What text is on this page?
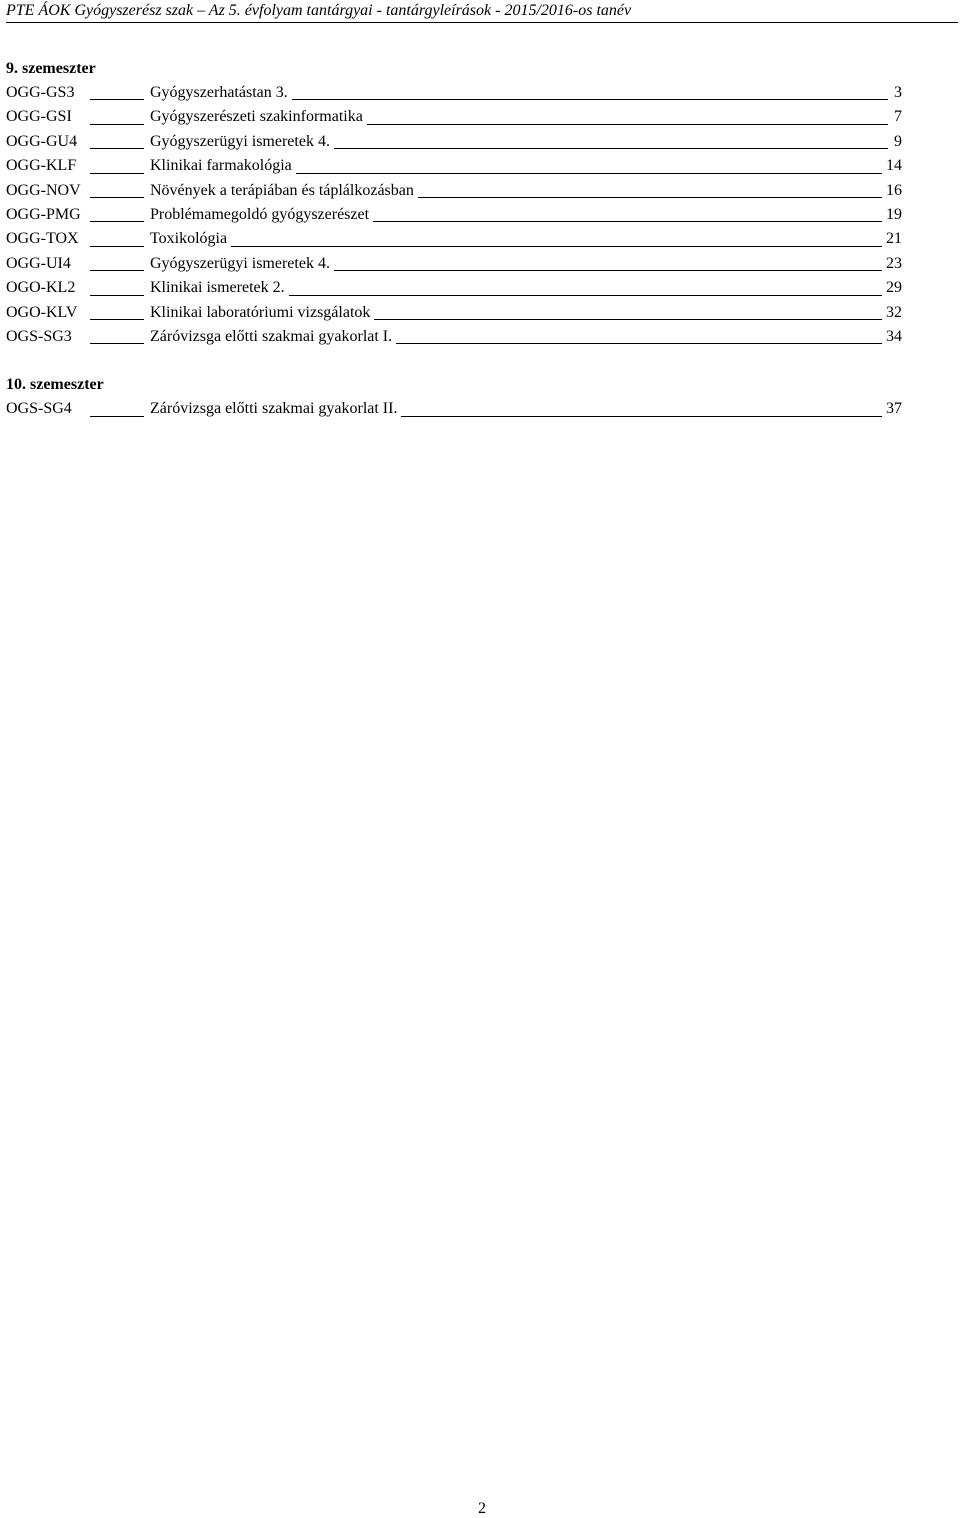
PTE ÁOK Gyógyszerész szak – Az 5. évfolyam tantárgyai - tantárgyleírások - 2015/2016-os tanév
9. szemeszter
OGG-GS3	Gyógyszerhatástan 3.	3
OGG-GSI	Gyógyszerészeti szakinformatika	7
OGG-GU4	Gyógyszerügyi ismeretek 4.	9
OGG-KLF	Klinikai farmakológia	14
OGG-NOV	Növények a terápiában és táplálkozásban	16
OGG-PMG	Problémamegoldó gyógyszerészet	19
OGG-TOX	Toxikológia	21
OGG-UI4	Gyógyszerügyi ismeretek 4.	23
OGO-KL2	Klinikai ismeretek 2.	29
OGO-KLV	Klinikai laboratóriumi vizsgálatok	32
OGS-SG3	Záróvizsga előtti szakmai gyakorlat I.	34
10. szemeszter
OGS-SG4	Záróvizsga előtti szakmai gyakorlat II.	37
2
